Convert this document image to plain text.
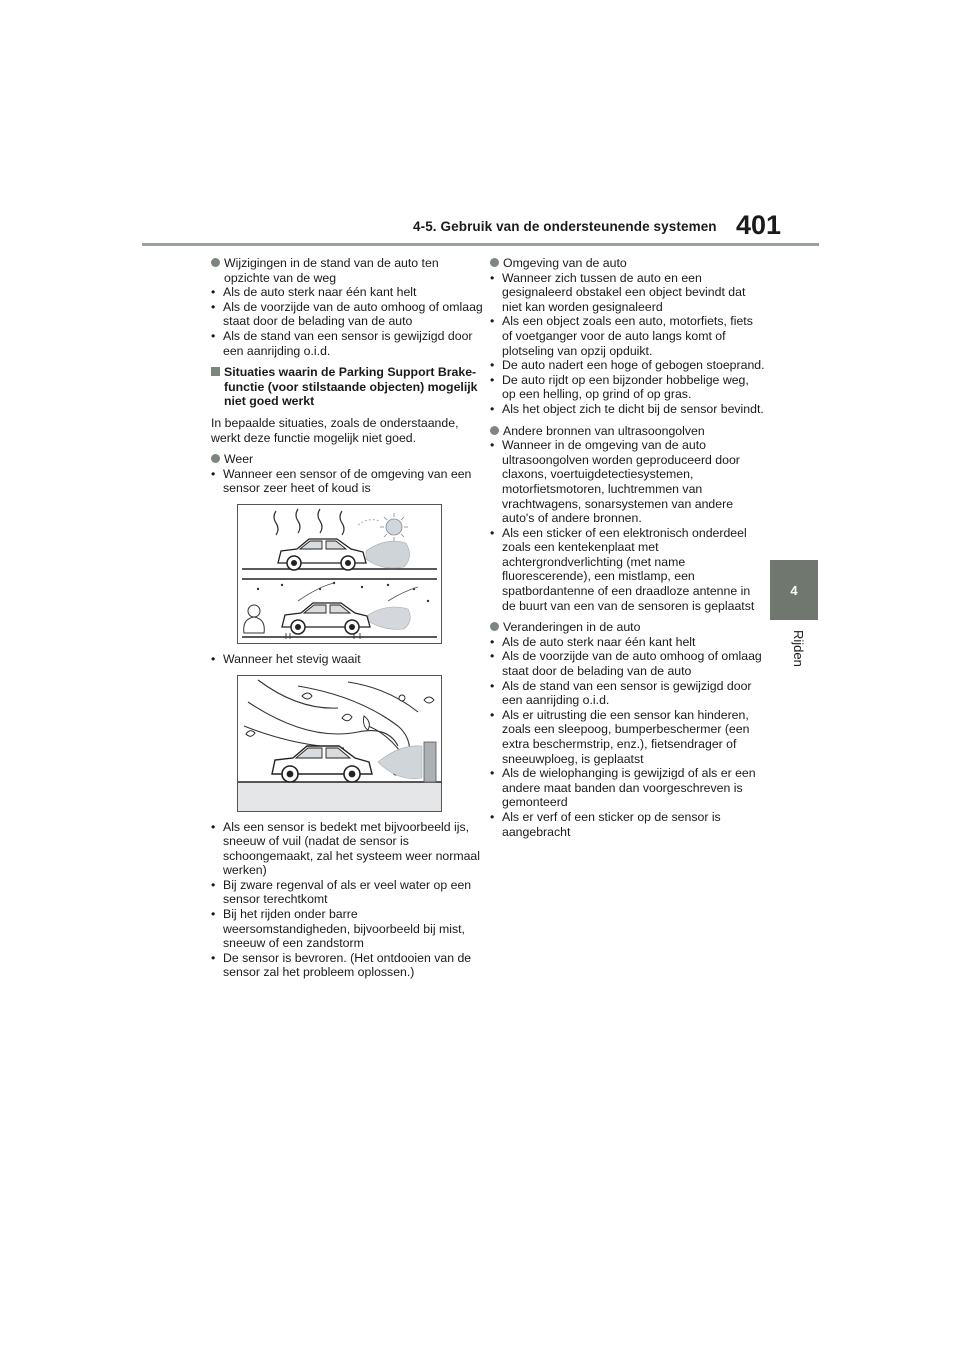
4-5. Gebruik van de ondersteunende systemen 401
4
Rijden
Wijzigingen in de stand van de auto ten opzichte van de weg
• Als de auto sterk naar één kant helt
• Als de voorzijde van de auto omhoog of omlaag staat door de belading van de auto
• Als de stand van een sensor is gewijzigd door een aanrijding o.i.d.
Situaties waarin de Parking Support Brake-functie (voor stilstaande objecten) mogelijk niet goed werkt
In bepaalde situaties, zoals de onderstaande, werkt deze functie mogelijk niet goed.
Weer
• Wanneer een sensor of de omgeving van een sensor zeer heet of koud is
• Wanneer het stevig waait
• Als een sensor is bedekt met bijvoorbeeld ijs, sneeuw of vuil (nadat de sensor is schoongemaakt, zal het systeem weer normaal werken)
• Bij zware regenval of als er veel water op een sensor terechtkomt
• Bij het rijden onder barre weersomstandigheden, bijvoorbeeld bij mist, sneeuw of een zandstorm
• De sensor is bevroren. (Het ontdooien van de sensor zal het probleem oplossen.)
Omgeving van de auto
• Wanneer zich tussen de auto en een gesignaleerd obstakel een object bevindt dat niet kan worden gesignaleerd
• Als een object zoals een auto, motorfiets, fiets of voetganger voor de auto langs komt of plotseling van opzij opduikt.
• De auto nadert een hoge of gebogen stoeprand.
• De auto rijdt op een bijzonder hobbelige weg, op een helling, op grind of op gras.
• Als het object zich te dicht bij de sensor bevindt.
Andere bronnen van ultrasoongolven
• Wanneer in de omgeving van de auto ultrasoongolven worden geproduceerd door claxons, voertuigdetectiesystemen, motorfietsmotoren, luchtremmen van vrachtwagens, sonarsystemen van andere auto's of andere bronnen.
• Als een sticker of een elektronisch onderdeel zoals een kentekenplaat met achtergrondverlichting (met name fluorescerende), een mistlamp, een spatbordantenne of een draadloze antenne in de buurt van een van de sensoren is geplaatst
Veranderingen in de auto
• Als de auto sterk naar één kant helt
• Als de voorzijde van de auto omhoog of omlaag staat door de belading van de auto
• Als de stand van een sensor is gewijzigd door een aanrijding o.i.d.
• Als er uitrusting die een sensor kan hinderen, zoals een sleepoog, bumperbeschermer (een extra beschermstrip, enz.), fietsendrager of sneeuwploeg, is geplaatst
• Als de wielophanging is gewijzigd of als er een andere maat banden dan voorgeschreven is gemonteerd
• Als er verf of een sticker op de sensor is aangebracht
